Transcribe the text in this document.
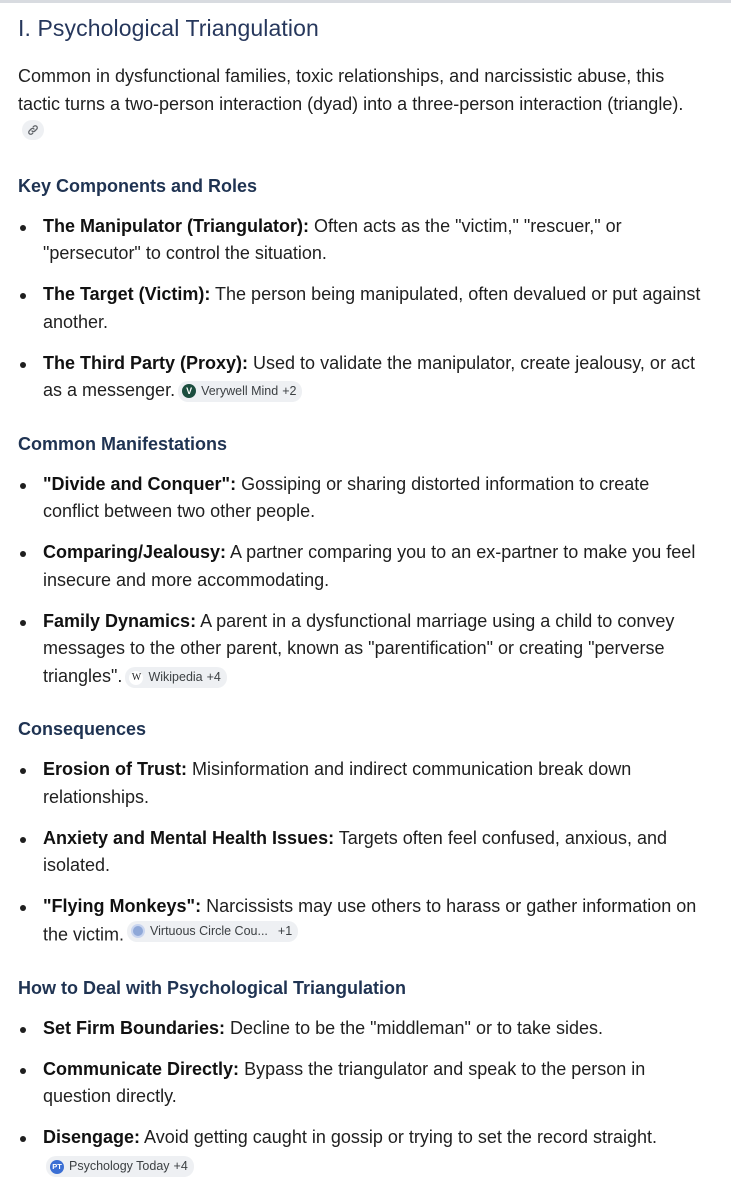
I. Psychological Triangulation

Common in dysfunctional families, toxic relationships, and narcissistic abuse, this tactic turns a two-person interaction (dyad) into a three-person interaction (triangle).

Key Components and Roles
The Manipulator (Triangulator): Often acts as the "victim," "rescuer," or "persecutor" to control the situation.
The Target (Victim): The person being manipulated, often devalued or put against another.
The Third Party (Proxy): Used to validate the manipulator, create jealousy, or act as a messenger.	V Verywell Mind +2
Common Manifestations
"Divide and Conquer": Gossiping or sharing distorted information to create conflict between two other people.
Comparing/Jealousy: A partner comparing you to an ex-partner to make you feel insecure and more accommodating.
Family Dynamics: A parent in a dysfunctional marriage using a child to convey messages to the other parent, known as "parentification" or creating "perverse triangles". W Wikipedia +4
Consequences
Erosion of Trust: Misinformation and indirect communication break down relationships.
Anxiety and Mental Health Issues: Targets often feel confused, anxious, and isolated.
"Flying Monkeys": Narcissists may use others to harass or gather information on the victim. Virtuous Circle Cou... +1
How to Deal with Psychological Triangulation
Set Firm Boundaries: Decline to be the "middleman" or to take sides.
Communicate Directly: Bypass the triangulator and speak to the person in question directly.
Disengage: Avoid getting caught in gossip or trying to set the record straight.
PT Psychology Today +4
